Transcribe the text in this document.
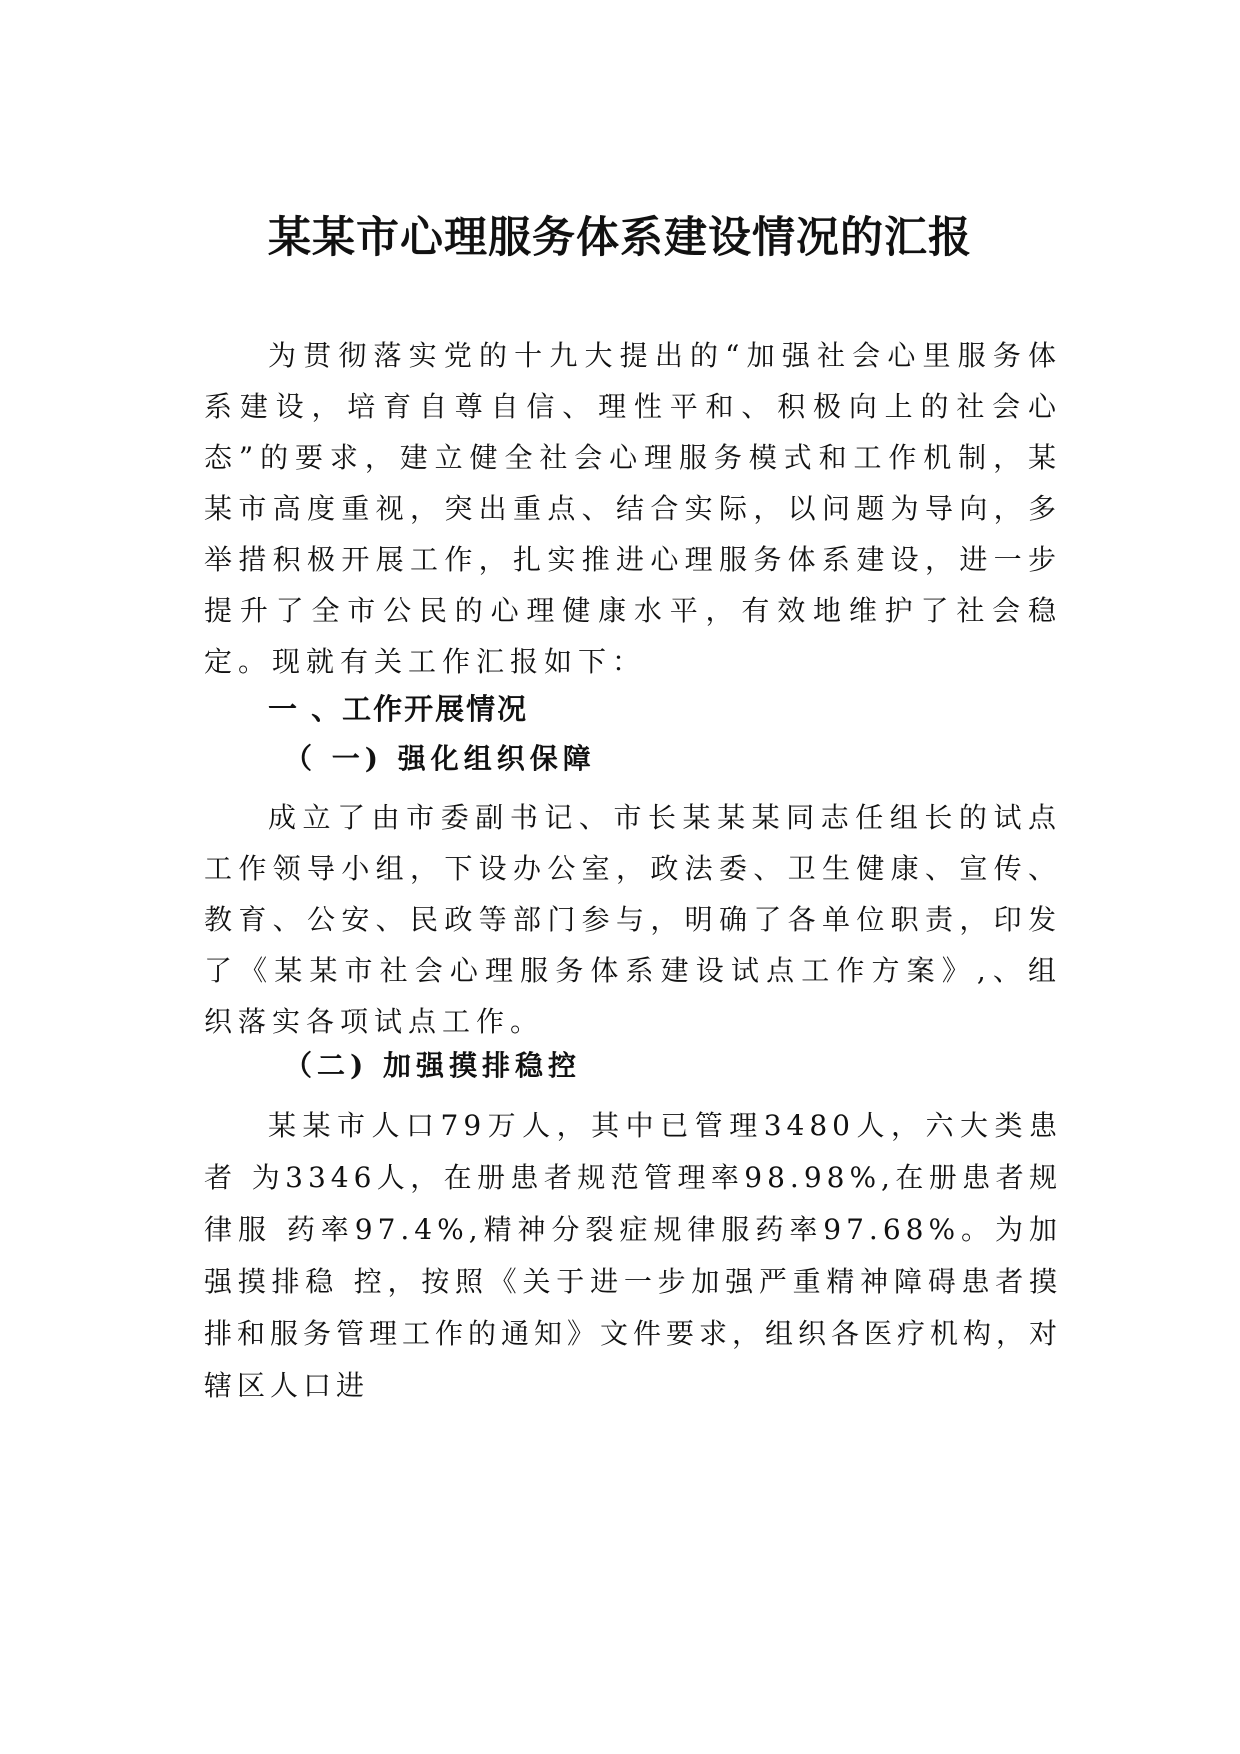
某某市心理服务体系建设情况的汇报

为贯彻落实党的十九大提出的“加强社会心里服务体系建设，培育自尊自信、理性平和、积极向上的社会心态”的要求，建立健全社会心理服务模式和工作机制，某某市高度重视，突出重点、结合实际，以问题为导向，多举措积极开展工作，扎实推进心理服务体系建设，进一步提升了全市公民的心理健康水平，有效地维护了社会稳定。现就有关工作汇报如下：

一 、工作开展情况
（ 一) 强化组织保障

成立了由市委副书记、市长某某某同志任组长的试点工作领导小组，下设办公室，政法委、卫生健康、宣传、教育、公安、民政等部门参与，明确了各单位职责，印发了《某某市社会心理服务体系建设试点工作方案》,、组织落实各项试点工作。

（二) 加强摸排稳控

某某市人口79万人，其中已管理3480人，六大类患者 为3346人，在册患者规范管理率98.98%,在册患者规律服 药率97.4%,精神分裂症规律服药率97.68%。为加强摸排稳 控，按照《关于进一步加强严重精神障碍患者摸排和服务管理工作的通知》文件要求，组织各医疗机构，对辖区人口进
